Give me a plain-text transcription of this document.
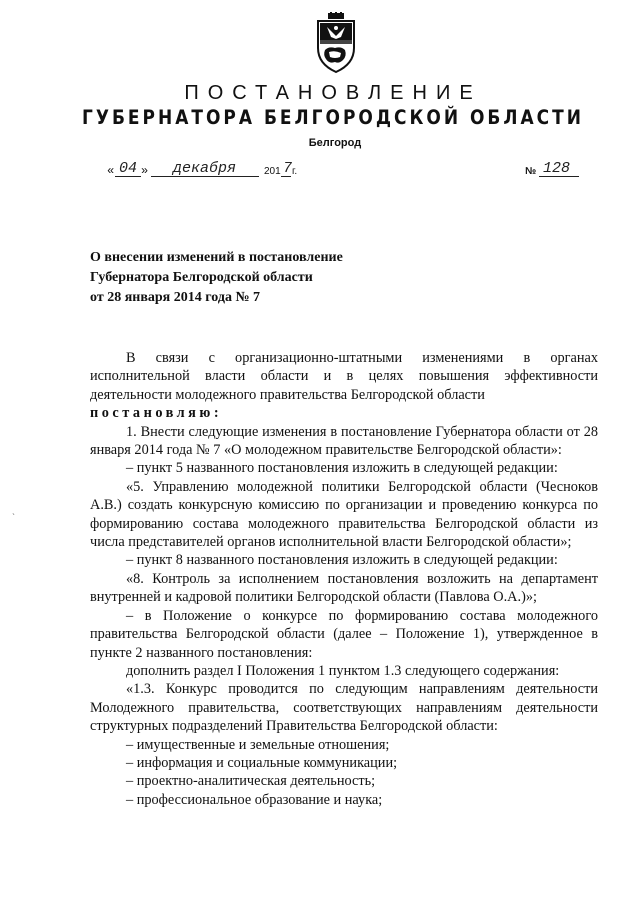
ПОСТАНОВЛЕНИЕ
ГУБЕРНАТОРА БЕЛГОРОДСКОЙ ОБЛАСТИ
Белгород
« 04 » декабря	201 7 г.	№ 128
О внесении изменений в постановление
Губернатора Белгородской области
от 28 января 2014 года № 7
`

В связи с организационно-штатными изменениями в органах исполнительной власти области и в целях повышения эффективности деятельности молодежного правительства Белгородской области

постановляю:

1. Внести следующие изменения в постановление Губернатора области от 28 января 2014 года № 7 «О молодежном правительстве Белгородской области»:

– пункт 5 названного постановления изложить в следующей редакции:

«5. Управлению молодежной политики Белгородской области (Чесноков А.В.) создать конкурсную комиссию по организации и проведению конкурса по формированию состава молодежного правительства Белгородской области из числа представителей органов исполнительной власти Белгородской области»;

– пункт 8 названного постановления изложить в следующей редакции:

«8. Контроль за исполнением постановления возложить на департамент внутренней и кадровой политики Белгородской области (Павлова О.А.)»;

– в Положение о конкурсе по формированию состава молодежного правительства Белгородской области (далее – Положение 1), утвержденное в пункте 2 названного постановления:

дополнить раздел I Положения 1 пунктом 1.3 следующего содержания:

«1.3. Конкурс проводится по следующим направлениям деятельности Молодежного правительства, соответствующих направлениям деятельности структурных подразделений Правительства Белгородской области:

– имущественные и земельные отношения;

– информация и социальные коммуникации;

– проектно-аналитическая деятельность;

– профессиональное образование и наука;
